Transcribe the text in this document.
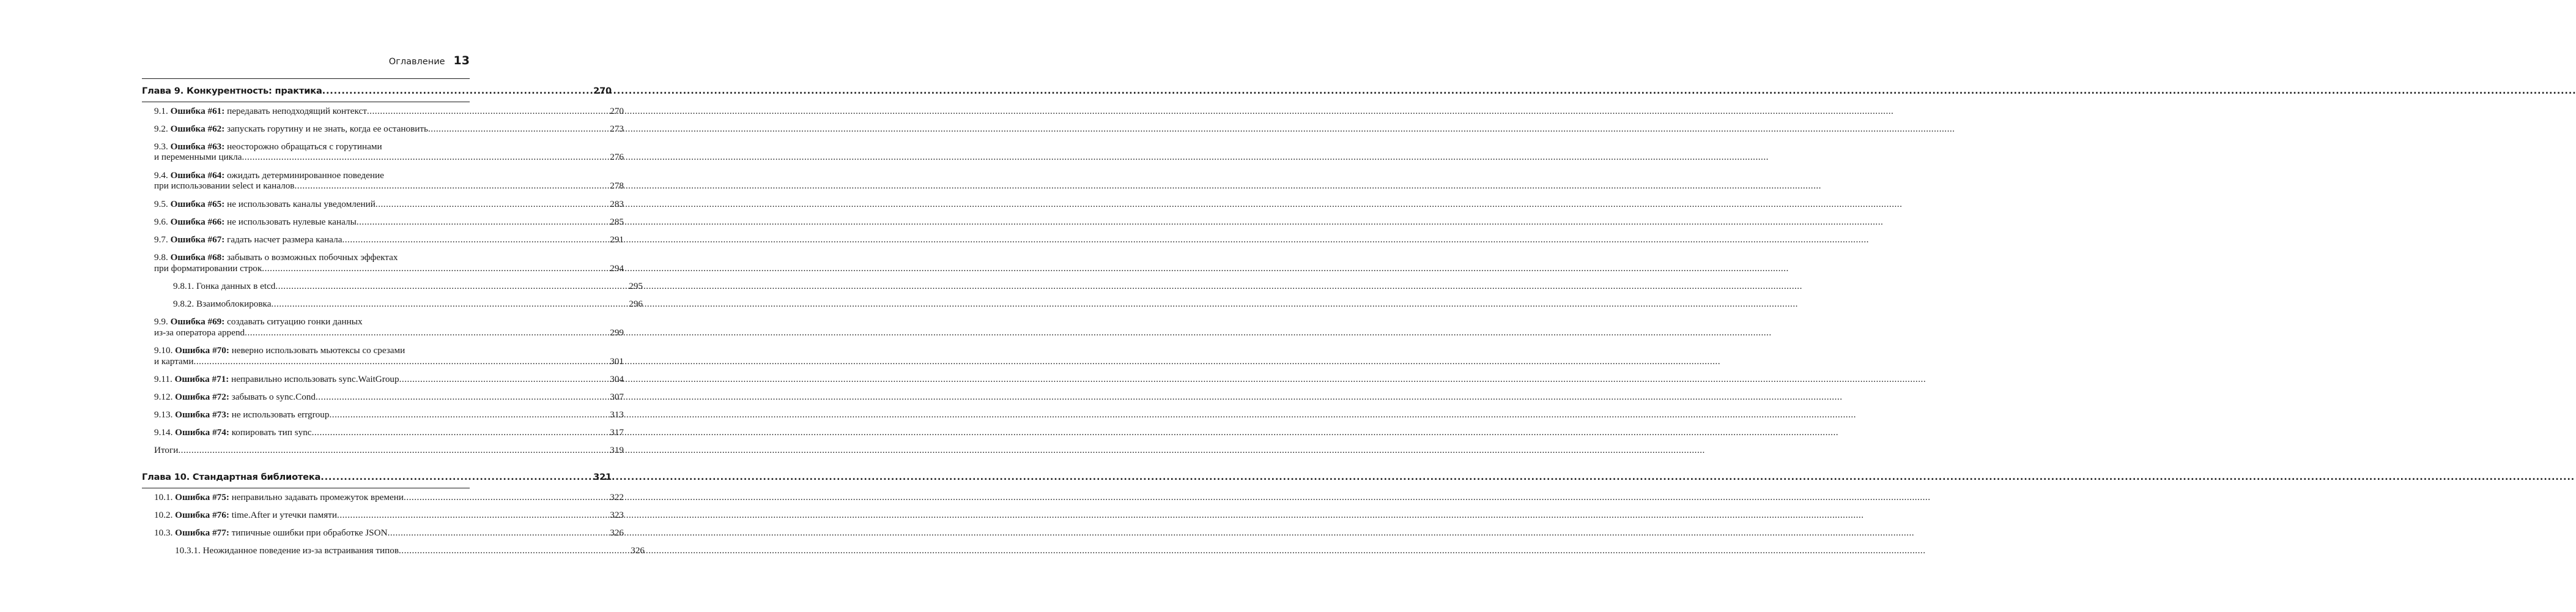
Оглавление 13
Глава 9. Конкурентность: практика .....	270
9.1. Ошибка #61: передавать неподходящий контекст .....	270
9.2. Ошибка #62: запускать горутину и не знать, когда ее остановить .....	273
9.3. Ошибка #63: неосторожно обращаться с горутинами
и переменными цикла .....	276
9.4. Ошибка #64: ожидать детерминированное поведение
при использовании select и каналов .....	278
9.5. Ошибка #65: не использовать каналы уведомлений .....	283
9.6. Ошибка #66: не использовать нулевые каналы .....	285
9.7. Ошибка #67: гадать насчет размера канала .....	291
9.8. Ошибка #68: забывать о возможных побочных эффектах
при форматировании строк .....	294
9.8.1. Гонка данных в etcd .....	295
9.8.2. Взаимоблокировка .....	296
9.9. Ошибка #69: создавать ситуацию гонки данных
из-за оператора append .....	299
9.10. Ошибка #70: неверно использовать мьютексы со срезами
и картами .....	301
9.11. Ошибка #71: неправильно использовать sync.WaitGroup .....	304
9.12. Ошибка #72: забывать о sync.Cond .....	307
9.13. Ошибка #73: не использовать errgroup .....	313
9.14. Ошибка #74: копировать тип sync .....	317
Итоги .....	319
Глава 10. Стандартная библиотека .....	321
10.1. Ошибка #75: неправильно задавать промежуток времени .....	322
10.2. Ошибка #76: time.After и утечки памяти .....	323
10.3. Ошибка #77: типичные ошибки при обработке JSON .....	326
10.3.1. Неожиданное поведение из-за встраивания типов .....	326
